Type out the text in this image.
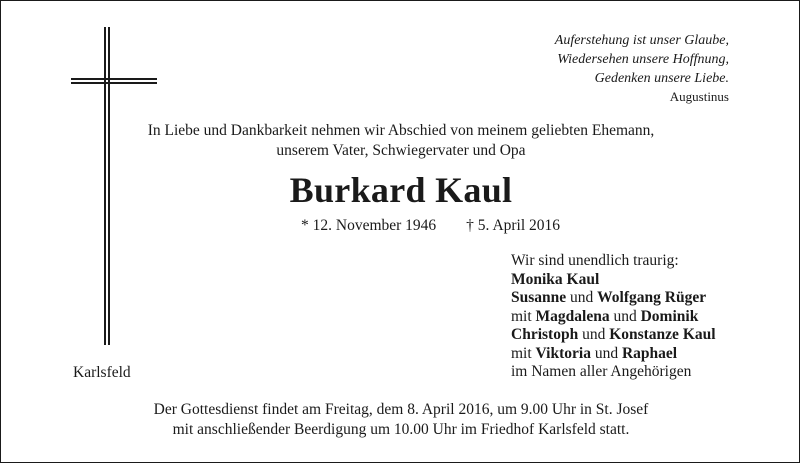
Auferstehung ist unser Glaube,
Wiedersehen unsere Hoffnung,
Gedenken unsere Liebe.
Augustinus
In Liebe und Dankbarkeit nehmen wir Abschied von meinem geliebten Ehemann,
unserem Vater, Schwiegervater und Opa
Burkard Kaul
* 12. November 1946 † 5. April 2016
Wir sind unendlich traurig:
Monika Kaul
Susanne und Wolfgang Rüger
mit Magdalena und Dominik
Christoph und Konstanze Kaul
mit Viktoria und Raphael
im Namen aller Angehörigen
Karlsfeld
Der Gottesdienst findet am Freitag, dem 8. April 2016, um 9.00 Uhr in St. Josef
mit anschließender Beerdigung um 10.00 Uhr im Friedhof Karlsfeld statt.
